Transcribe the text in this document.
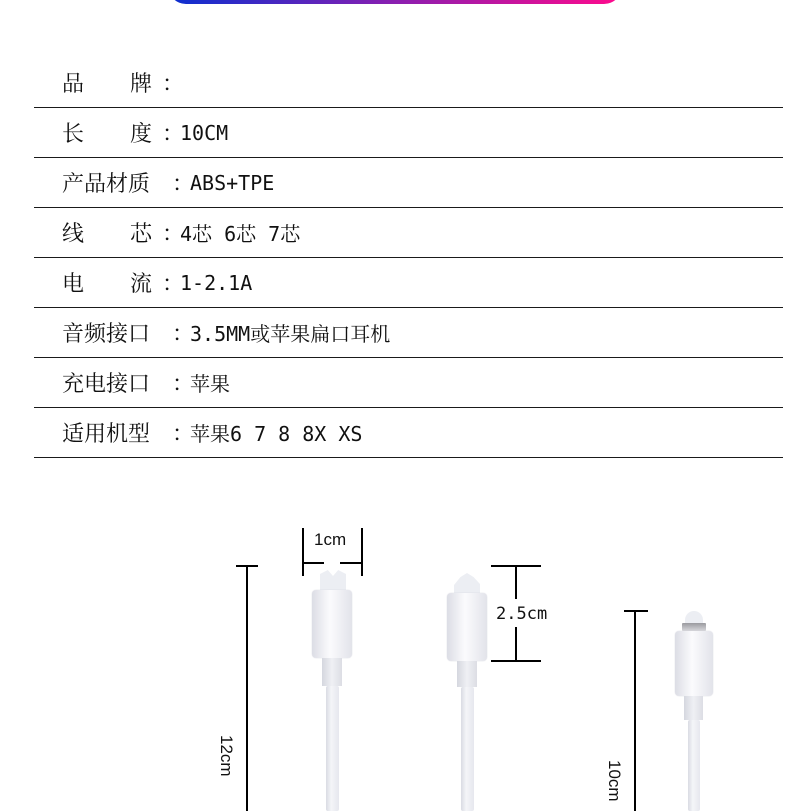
品 牌 ：
长 度 ：
10CM
产品材质 ：
ABS+TPE
线 芯 ：
4芯 6芯 7芯
电 流 ：
1-2.1A
音频接口 ：
3.5MM或苹果扁口耳机
充电接口 ：
苹果
适用机型 ：
苹果6 7 8 8X XS
12cm
1cm
2.5cm
10cm
